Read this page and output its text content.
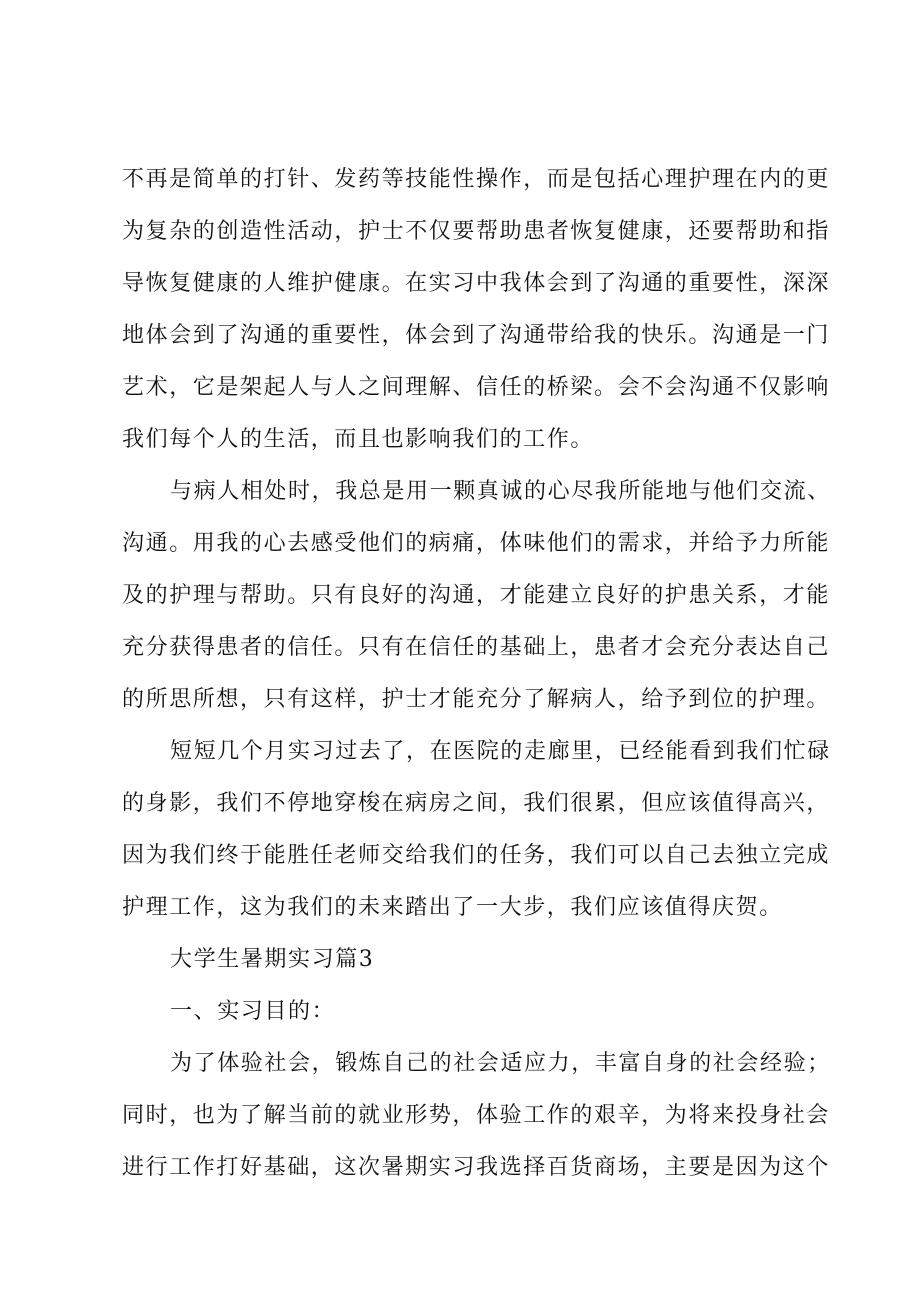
不再是简单的打针、发药等技能性操作，而是包括心理护理在内的更
为复杂的创造性活动，护士不仅要帮助患者恢复健康，还要帮助和指
导恢复健康的人维护健康。在实习中我体会到了沟通的重要性，深深
地体会到了沟通的重要性，体会到了沟通带给我的快乐。沟通是一门
艺术，它是架起人与人之间理解、信任的桥梁。会不会沟通不仅影响
我们每个人的生活，而且也影响我们的工作。
与病人相处时，我总是用一颗真诚的心尽我所能地与他们交流、
沟通。用我的心去感受他们的病痛，体味他们的需求，并给予力所能
及的护理与帮助。只有良好的沟通，才能建立良好的护患关系，才能
充分获得患者的信任。只有在信任的基础上，患者才会充分表达自己
的所思所想，只有这样，护士才能充分了解病人，给予到位的护理。
短短几个月实习过去了，在医院的走廊里，已经能看到我们忙碌
的身影，我们不停地穿梭在病房之间，我们很累，但应该值得高兴，
因为我们终于能胜任老师交给我们的任务，我们可以自己去独立完成
护理工作，这为我们的未来踏出了一大步，我们应该值得庆贺。
大学生暑期实习篇3
一、实习目的：
为了体验社会，锻炼自己的社会适应力，丰富自身的社会经验；
同时，也为了解当前的就业形势，体验工作的艰辛，为将来投身社会
进行工作打好基础，这次暑期实习我选择百货商场，主要是因为这个
